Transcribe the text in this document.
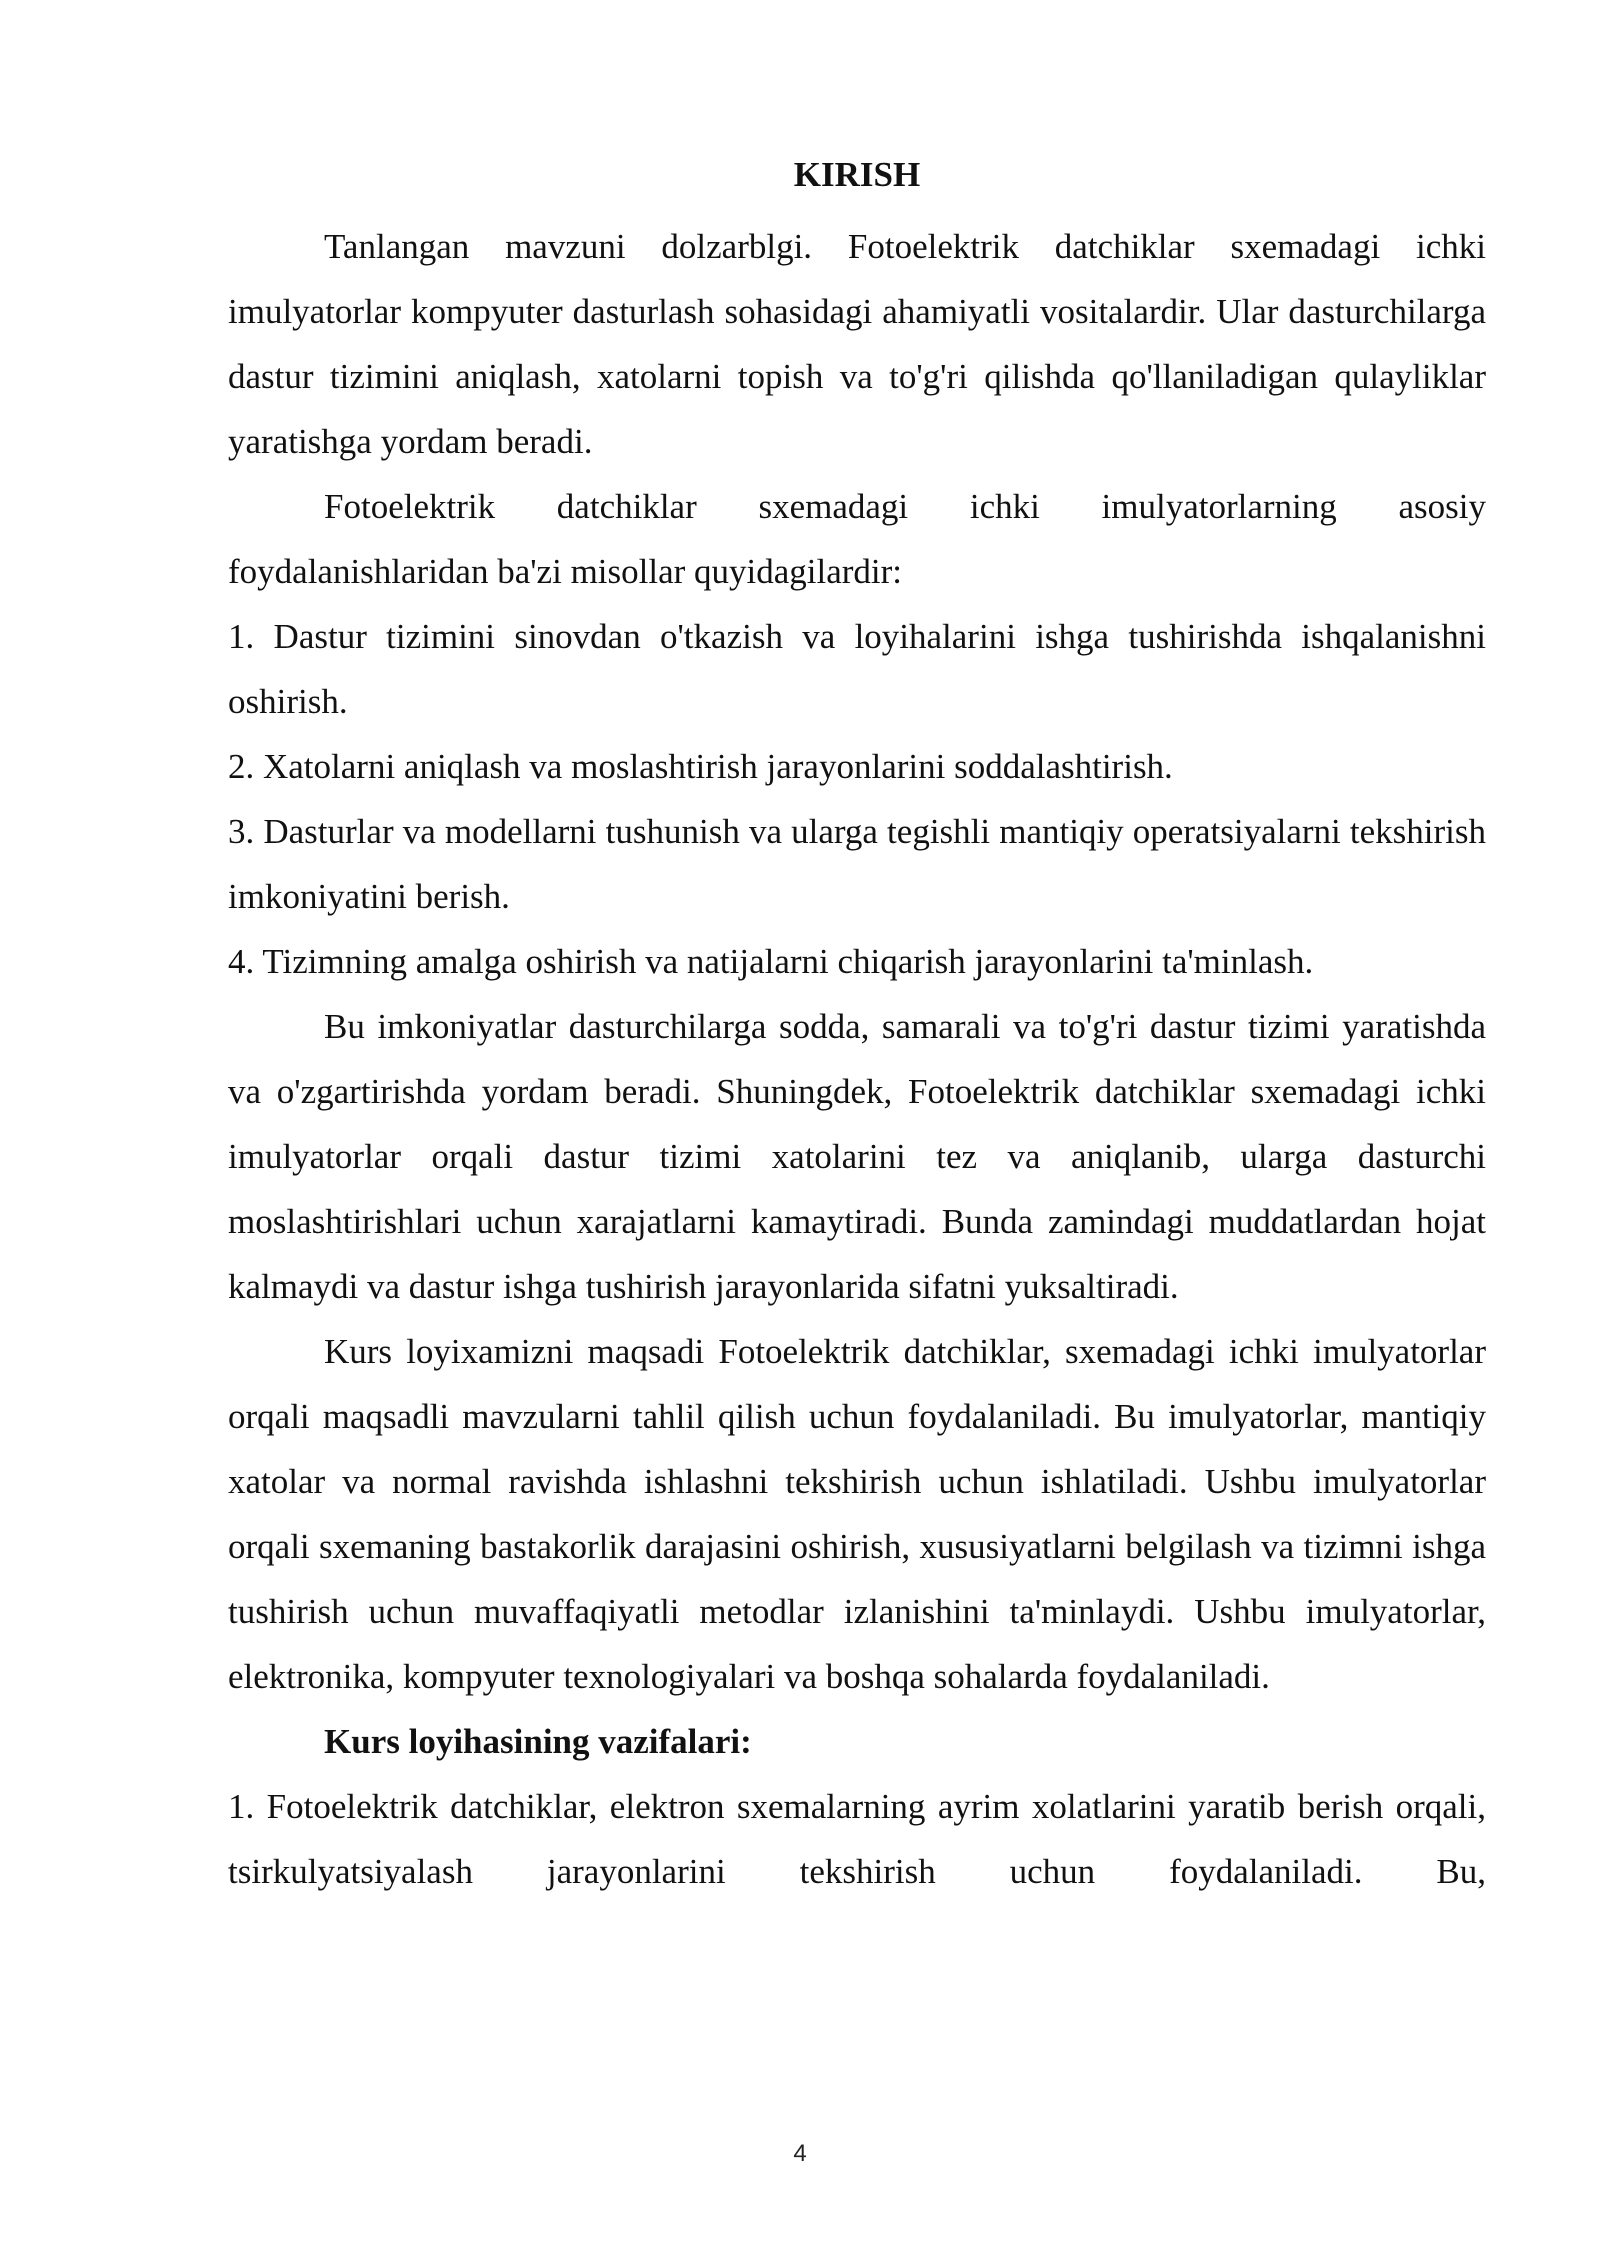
KIRISH

Tanlangan mavzuni dolzarblgi. Fotoelektrik datchiklar sxemadagi ichki imulyatorlar kompyuter dasturlash sohasidagi ahamiyatli vositalardir. Ular dasturchilarga dastur tizimini aniqlash, xatolarni topish va to'g'ri qilishda qo'llaniladigan qulayliklar yaratishga yordam beradi.

Fotoelektrik datchiklar sxemadagi ichki imulyatorlarning asosiy foydalanishlaridan ba'zi misollar quyidagilardir:

1. Dastur tizimini sinovdan o'tkazish va loyihalarini ishga tushirishda ishqalanishni oshirish.

2. Xatolarni aniqlash va moslashtirish jarayonlarini soddalashtirish.

3. Dasturlar va modellarni tushunish va ularga tegishli mantiqiy operatsiyalarni tekshirish imkoniyatini berish.

4. Tizimning amalga oshirish va natijalarni chiqarish jarayonlarini ta'minlash.

Bu imkoniyatlar dasturchilarga sodda, samarali va to'g'ri dastur tizimi yaratishda va o'zgartirishda yordam beradi. Shuningdek, Fotoelektrik datchiklar sxemadagi ichki imulyatorlar orqali dastur tizimi xatolarini tez va aniqlanib, ularga dasturchi moslashtirishlari uchun xarajatlarni kamaytiradi. Bunda zamindagi muddatlardan hojat kalmaydi va dastur ishga tushirish jarayonlarida sifatni yuksaltiradi.

Kurs loyixamizni maqsadi Fotoelektrik datchiklar, sxemadagi ichki imulyatorlar orqali maqsadli mavzularni tahlil qilish uchun foydalaniladi. Bu imulyatorlar, mantiqiy xatolar va normal ravishda ishlashni tekshirish uchun ishlatiladi. Ushbu imulyatorlar orqali sxemaning bastakorlik darajasini oshirish, xususiyatlarni belgilash va tizimni ishga tushirish uchun muvaffaqiyatli metodlar izlanishini ta'minlaydi. Ushbu imulyatorlar, elektronika, kompyuter texnologiyalari va boshqa sohalarda foydalaniladi.

Kurs loyihasining vazifalari:

1. Fotoelektrik datchiklar, elektron sxemalarning ayrim xolatlarini yaratib berish orqali, tsirkulyatsiyalash jarayonlarini tekshirish uchun foydalaniladi. Bu,

4
